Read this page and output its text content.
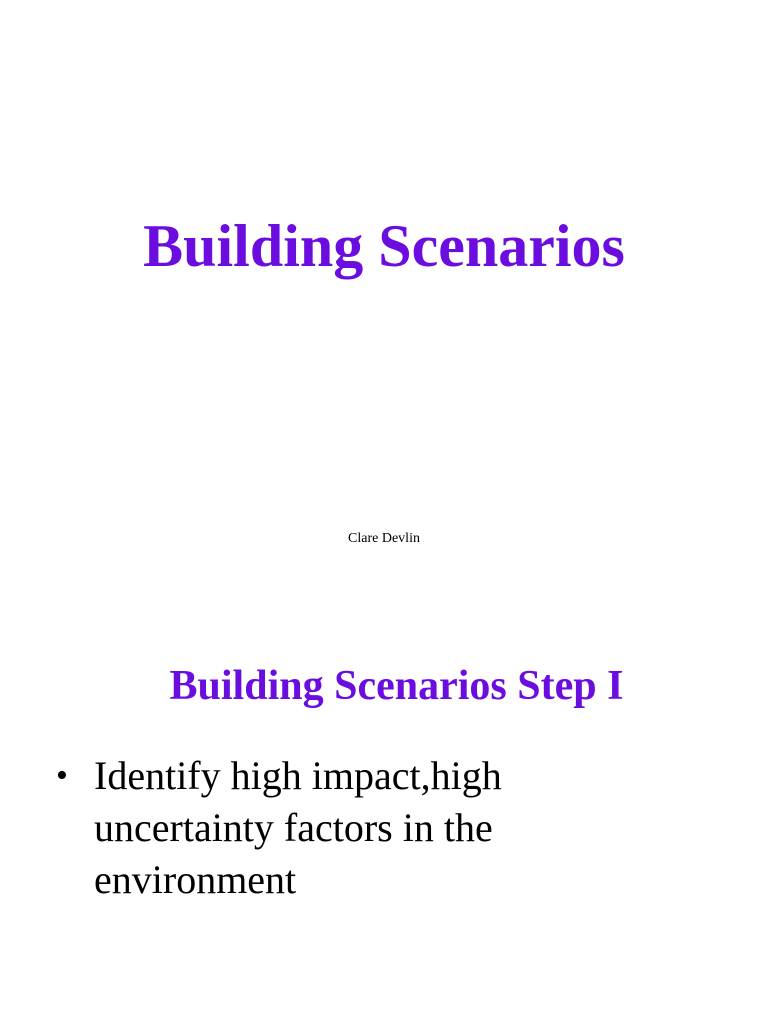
Building Scenarios

Clare Devlin

Building Scenarios Step I
• Identify high impact,high uncertainty factors in the environment
